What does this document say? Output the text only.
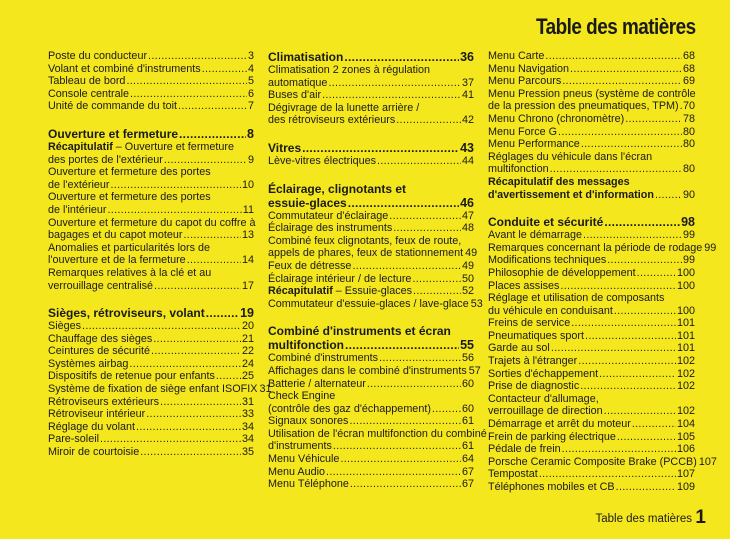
Table des matières
Poste du conducteur .....	3
Volant et combiné d'instruments .....	4
Tableau de bord .....	5
Console centrale .....	6
Unité de commande du toit .....	7
Ouverture et fermeture .....	8
Récapitulatif – Ouverture et fermeture
des portes de l'extérieur .....	9
Ouverture et fermeture des portes
de l'extérieur .....	10
Ouverture et fermeture des portes
de l'intérieur .....	11
Ouverture et fermeture du capot du coffre à
bagages et du capot moteur .....	13
Anomalies et particularités lors de
l'ouverture et de la fermeture .....	14
Remarques relatives à la clé et au
verrouillage centralisé .....	17
Sièges, rétroviseurs, volant .....	19
Sièges .....	20
Chauffage des sièges .....	21
Ceintures de sécurité .....	22
Systèmes airbag .....	24
Dispositifs de retenue pour enfants .....	25
Système de fixation de siège enfant ISOFIX 31
Rétroviseurs extérieurs .....	31
Rétroviseur intérieur .....	33
Réglage du volant .....	34
Pare-soleil .....	34
Miroir de courtoisie .....	35
Climatisation .....	36
Climatisation 2 zones à régulation
automatique .....	37
Buses d'air .....	41
Dégivrage de la lunette arrière /
des rétroviseurs extérieurs .....	42
Vitres .....	43
Lève-vitres électriques .....	44
Éclairage, clignotants et
essuie-glaces .....	46
Commutateur d'éclairage .....	47
Éclairage des instruments .....	48
Combiné feux clignotants, feux de route,
appels de phares, feux de stationnement 49
Feux de détresse .....	49
Éclairage intérieur / de lecture .....	50
Récapitulatif – Essuie-glaces .....	52
Commutateur d'essuie-glaces / lave-glace 53
Combiné d'instruments et écran
multifonction .....	55
Combiné d'instruments .....	56
Affichages dans le combiné d'instruments 57
Batterie / alternateur .....	60
Check Engine
(contrôle des gaz d'échappement) .....	60
Signaux sonores .....	61
Utilisation de l'écran multifonction du combiné
d'instruments .....	61
Menu Véhicule .....	64
Menu Audio .....	67
Menu Téléphone .....	67
Menu Carte .....	68
Menu Navigation .....	68
Menu Parcours .....	69
Menu Pression pneus (système de contrôle
de la pression des pneumatiques, TPM) ..... 70
Menu Chrono (chronomètre) .....	78
Menu Force G .....	80
Menu Performance .....	80
Réglages du véhicule dans l'écran
multifonction .....	80
Récapitulatif des messages
d'avertissement et d'information .....	90
Conduite et sécurité .....	98
Avant le démarrage .....	99
Remarques concernant la période de rodage 99
Modifications techniques .....	99
Philosophie de développement .....	100
Places assises .....	100
Réglage et utilisation de composants
du véhicule en conduisant .....	100
Freins de service .....	101
Pneumatiques sport .....	101
Garde au sol .....	101
Trajets à l'étranger .....	102
Sorties d'échappement .....	102
Prise de diagnostic .....	102
Contacteur d'allumage,
verrouillage de direction .....	102
Démarrage et arrêt du moteur .....	104
Frein de parking électrique .....	105
Pédale de frein .....	106
Porsche Ceramic Composite Brake (PCCB) 107
Tempostat .....	107
Téléphones mobiles et CB .....	109
Table des matières 1
